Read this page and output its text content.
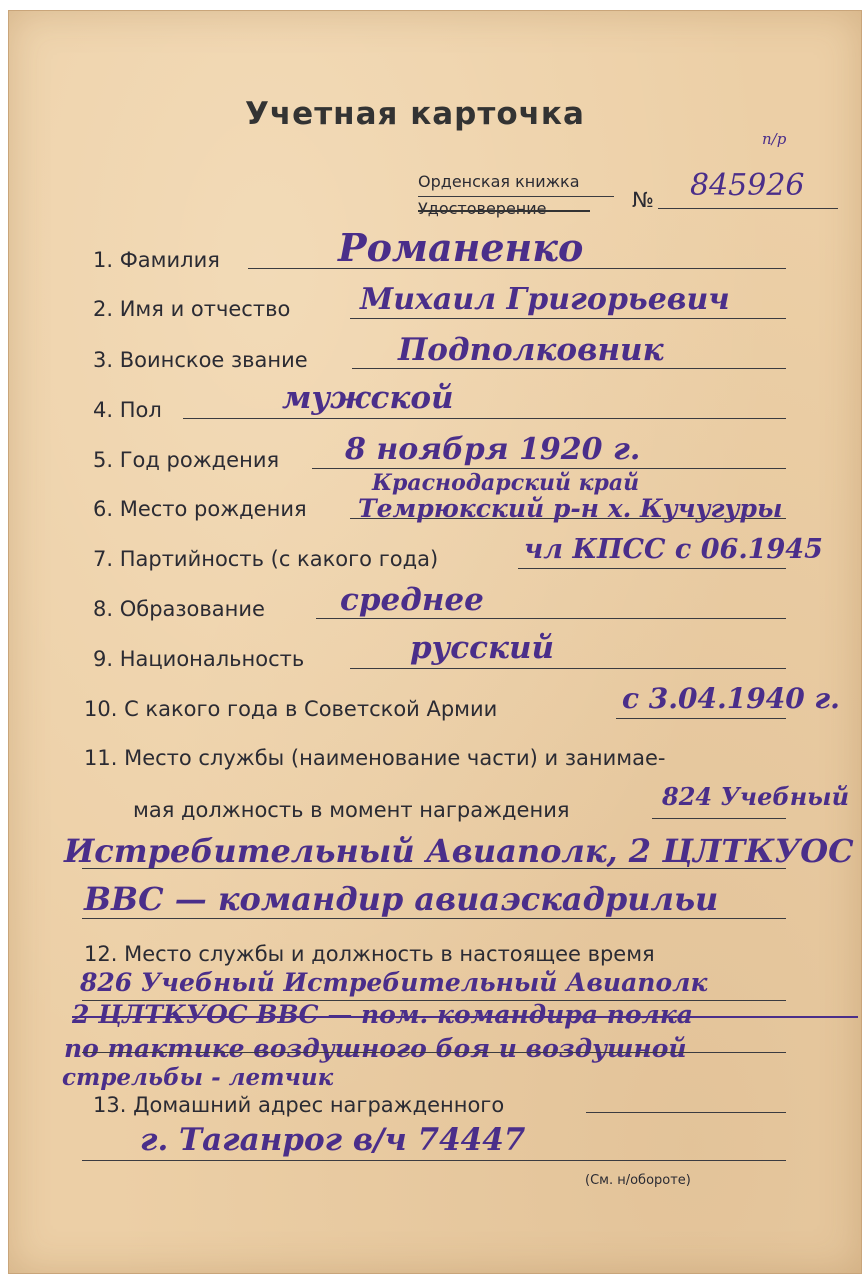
Учетная карточка
п/р
Орденская книжка
Удостоверение	№ 845926
1. Фамилия	Романенко
2. Имя и отчество Михаил Григорьевич
3. Воинское звание	Подполковник
4. Пол	мужской
5. Год рождения 8 ноября 1920 г.
6. Место рождения
Краснодарский край
Темрюкский р-н х. Кучугуры
7. Партийность (с какого года)	чл КПСС с 06.1945
8. Образование среднее
9. Национальность	русский
10. С какого года в Советской Армии	с 3.04.1940 г.
11. Место службы (наименование части) и занимае-
мая должность в момент награждения	824 Учебный
Истребительный Авиаполк, 2 ЦЛТКУОС
ВВС — командир авиаэскадрильи
12. Место службы и должность в настоящее время
826 Учебный Истребительный Авиаполк
2 ЦЛТКУОС ВВС — пом. командира полка
по тактике воздушного боя и воздушной
стрельбы - летчик
13. Домашний адрес награжденного
г. Таганрог в/ч 74447
(См. н/обороте)
